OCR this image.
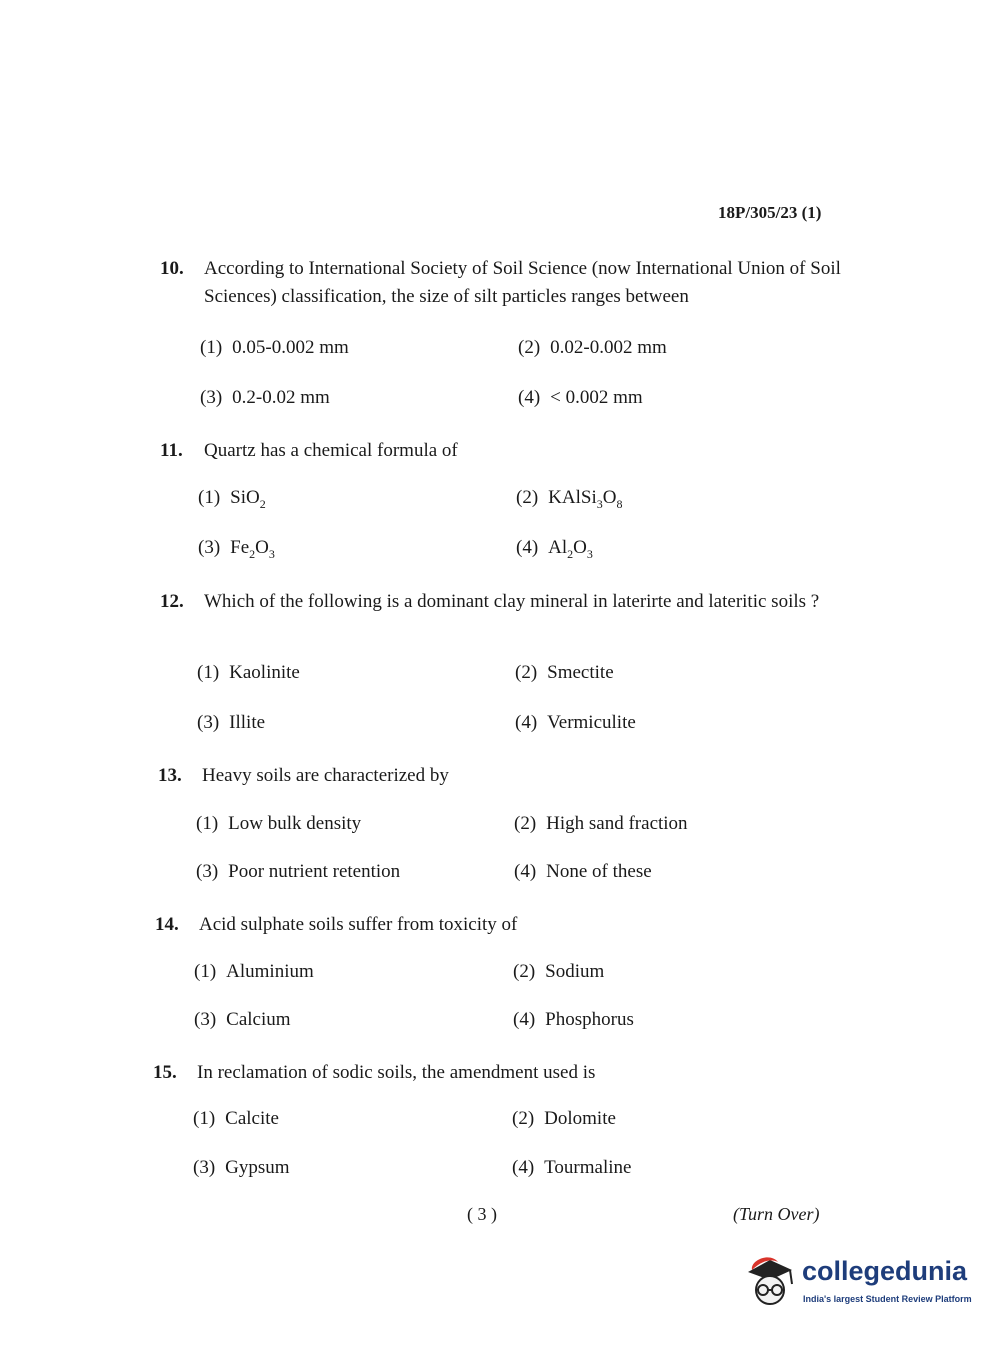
18P/305/23 (1)
10. According to International Society of Soil Science (now International Union of Soil Sciences) classification, the size of silt particles ranges between
(1) 0.05-0.002 mm	(2) 0.02-0.002 mm
(3) 0.2-0.02 mm	(4) < 0.002 mm
11. Quartz has a chemical formula of
(1) SiO$_2$	(2) $KAlSi_3O_8$
(3) $Fe_2O_3$	(4) $Al_2O_3$
12. Which of the following is a dominant clay mineral in laterirte and lateritic soils ?
(1) Kaolinite	(2) Smectite
(3) Illite	(4) Vermiculite
13. Heavy soils are characterized by
(1) Low bulk density	(2) High sand fraction
(3) Poor nutrient retention	(4) None of these
14. Acid sulphate soils suffer from toxicity of
(1) Aluminium	(2) Sodium
(3) Calcium	(4) Phosphorus
15. In reclamation of sodic soils, the amendment used is
(1) Calcite	(2) Dolomite
(3) Gypsum	(4) Tourmaline
( 3 )	(Turn Over)
collegedunia
India's largest Student Review Platform
